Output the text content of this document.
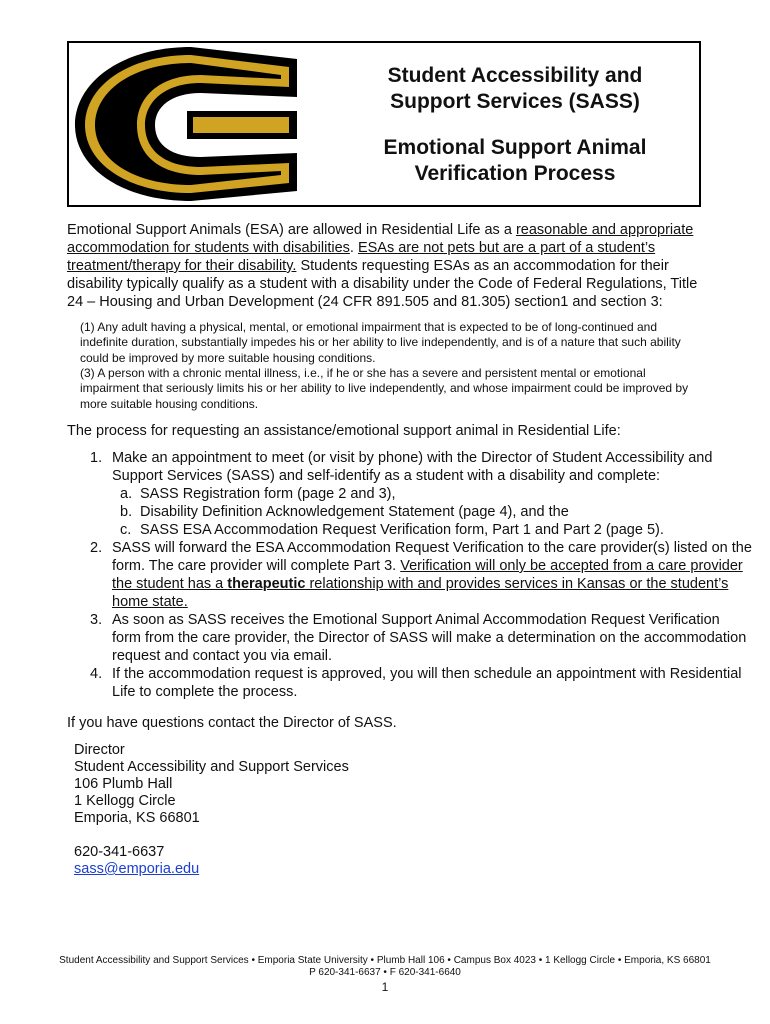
Student Accessibility and
Support Services (SASS)
Emotional Support Animal
Verification Process
Emotional Support Animals (ESA) are allowed in Residential Life as a reasonable and appropriate accommodation for students with disabilities. ESAs are not pets but are a part of a student’s treatment/therapy for their disability. Students requesting ESAs as an accommodation for their disability typically qualify as a student with a disability under the Code of Federal Regulations, Title 24 – Housing and Urban Development (24 CFR 891.505 and 81.305) section1 and section 3:
(1) Any adult having a physical, mental, or emotional impairment that is expected to be of long-continued and indefinite duration, substantially impedes his or her ability to live independently, and is of a nature that such ability could be improved by more suitable housing conditions.
(3) A person with a chronic mental illness, i.e., if he or she has a severe and persistent mental or emotional impairment that seriously limits his or her ability to live independently, and whose impairment could be improved by more suitable housing conditions.
The process for requesting an assistance/emotional support animal in Residential Life:
1. Make an appointment to meet (or visit by phone) with the Director of Student Accessibility and Support Services (SASS) and self-identify as a student with a disability and complete:
a. SASS Registration form (page 2 and 3),
b. Disability Definition Acknowledgement Statement (page 4), and the
c. SASS ESA Accommodation Request Verification form, Part 1 and Part 2 (page 5).
2. SASS will forward the ESA Accommodation Request Verification to the care provider(s) listed on the form. The care provider will complete Part 3. Verification will only be accepted from a care provider the student has a therapeutic relationship with and provides services in Kansas or the student’s home state.
3. As soon as SASS receives the Emotional Support Animal Accommodation Request Verification form from the care provider, the Director of SASS will make a determination on the accommodation request and contact you via email.
4. If the accommodation request is approved, you will then schedule an appointment with Residential Life to complete the process.
If you have questions contact the Director of SASS.
Director
Student Accessibility and Support Services
106 Plumb Hall
1 Kellogg Circle
Emporia, KS 66801
620-341-6637
sass@emporia.edu
Student Accessibility and Support Services • Emporia State University • Plumb Hall 106 • Campus Box 4023 • 1 Kellogg Circle • Emporia, KS 66801
P 620-341-6637 • F 620-341-6640
1
